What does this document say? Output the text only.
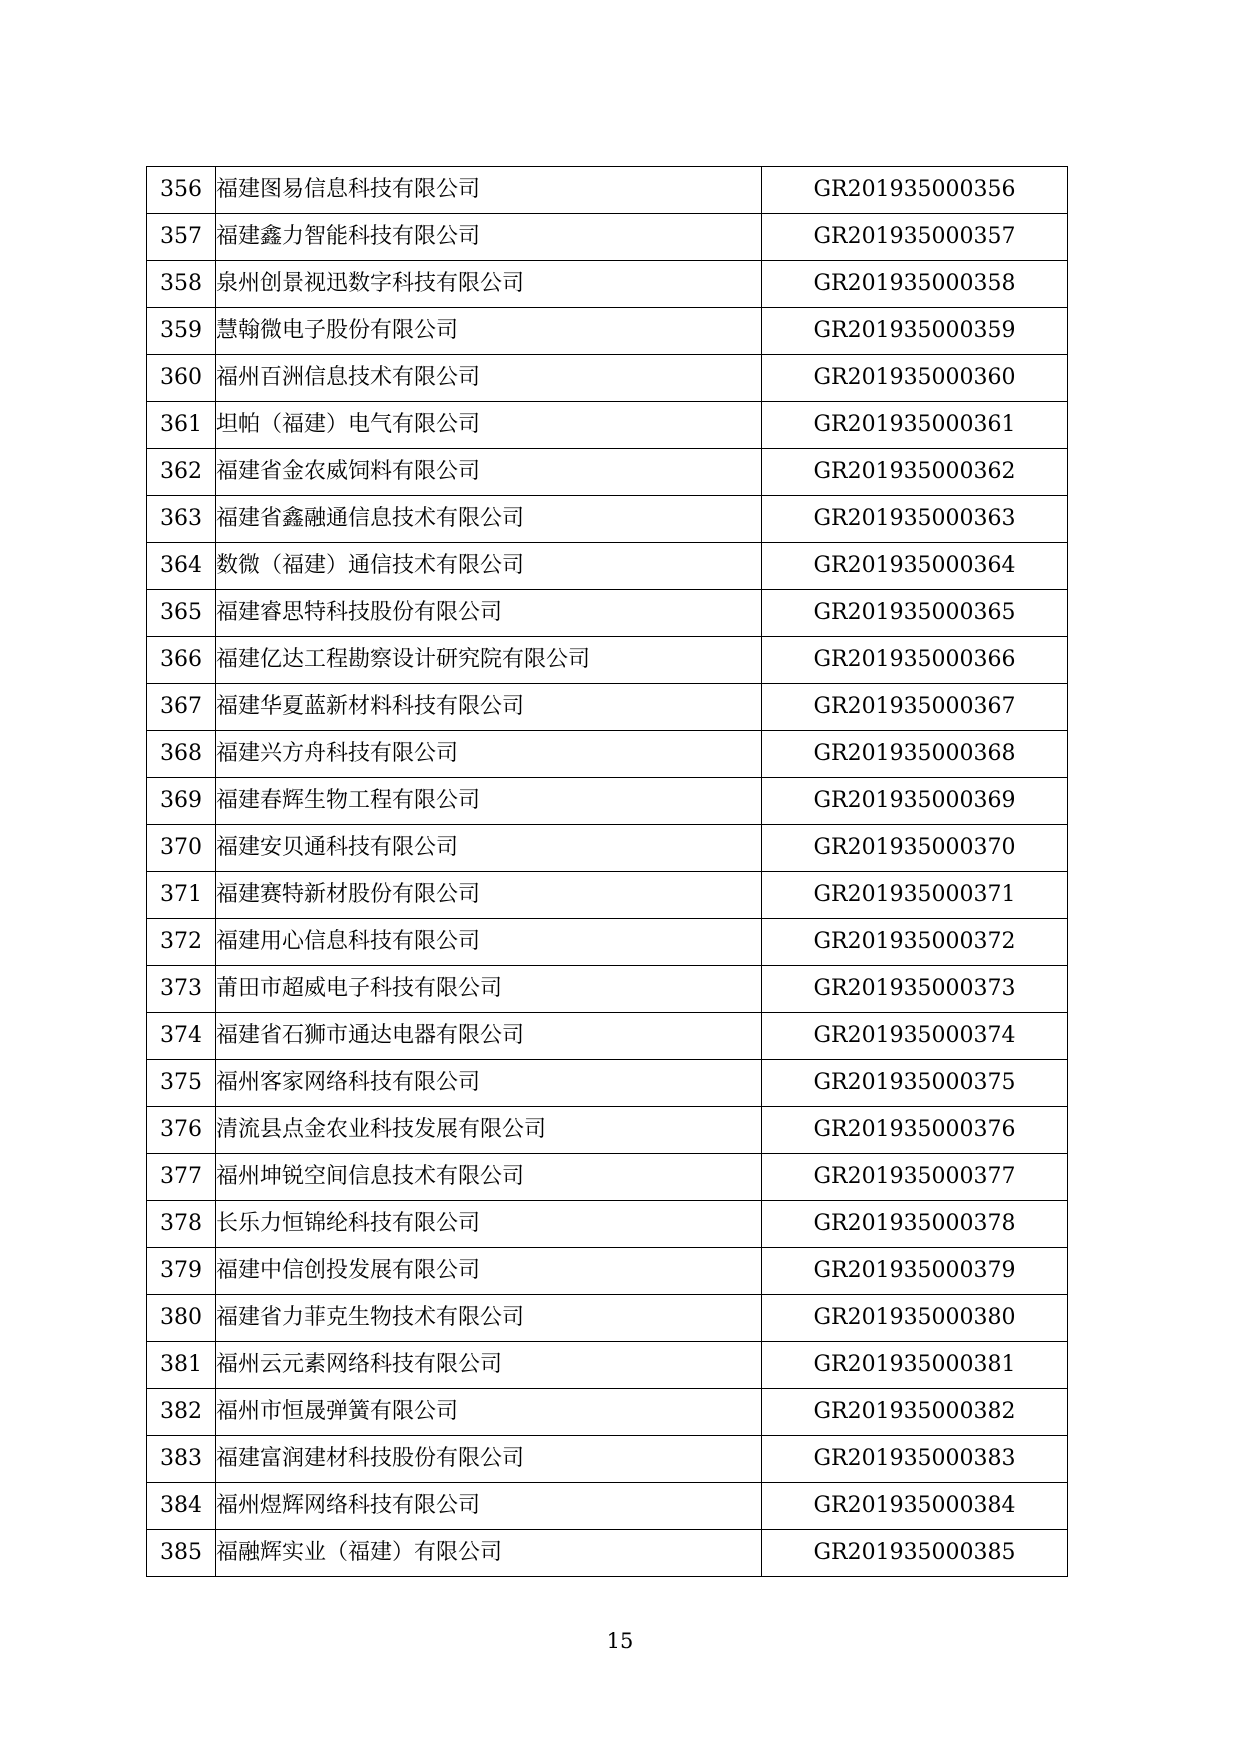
356	福建图易信息科技有限公司	GR201935000356
357	福建鑫力智能科技有限公司	GR201935000357
358	泉州创景视迅数字科技有限公司	GR201935000358
359	慧翰微电子股份有限公司	GR201935000359
360	福州百洲信息技术有限公司	GR201935000360
361	坦帕（福建）电气有限公司	GR201935000361
362	福建省金农威饲料有限公司	GR201935000362
363	福建省鑫融通信息技术有限公司	GR201935000363
364	数微（福建）通信技术有限公司	GR201935000364
365	福建睿思特科技股份有限公司	GR201935000365
366	福建亿达工程勘察设计研究院有限公司	GR201935000366
367	福建华夏蓝新材料科技有限公司	GR201935000367
368	福建兴方舟科技有限公司	GR201935000368
369	福建春辉生物工程有限公司	GR201935000369
370	福建安贝通科技有限公司	GR201935000370
371	福建赛特新材股份有限公司	GR201935000371
372	福建用心信息科技有限公司	GR201935000372
373	莆田市超威电子科技有限公司	GR201935000373
374	福建省石狮市通达电器有限公司	GR201935000374
375	福州客家网络科技有限公司	GR201935000375
376	清流县点金农业科技发展有限公司	GR201935000376
377	福州坤锐空间信息技术有限公司	GR201935000377
378	长乐力恒锦纶科技有限公司	GR201935000378
379	福建中信创投发展有限公司	GR201935000379
380	福建省力菲克生物技术有限公司	GR201935000380
381	福州云元素网络科技有限公司	GR201935000381
382	福州市恒晟弹簧有限公司	GR201935000382
383	福建富润建材科技股份有限公司	GR201935000383
384	福州煜辉网络科技有限公司	GR201935000384
385	福融辉实业（福建）有限公司	GR201935000385
15
